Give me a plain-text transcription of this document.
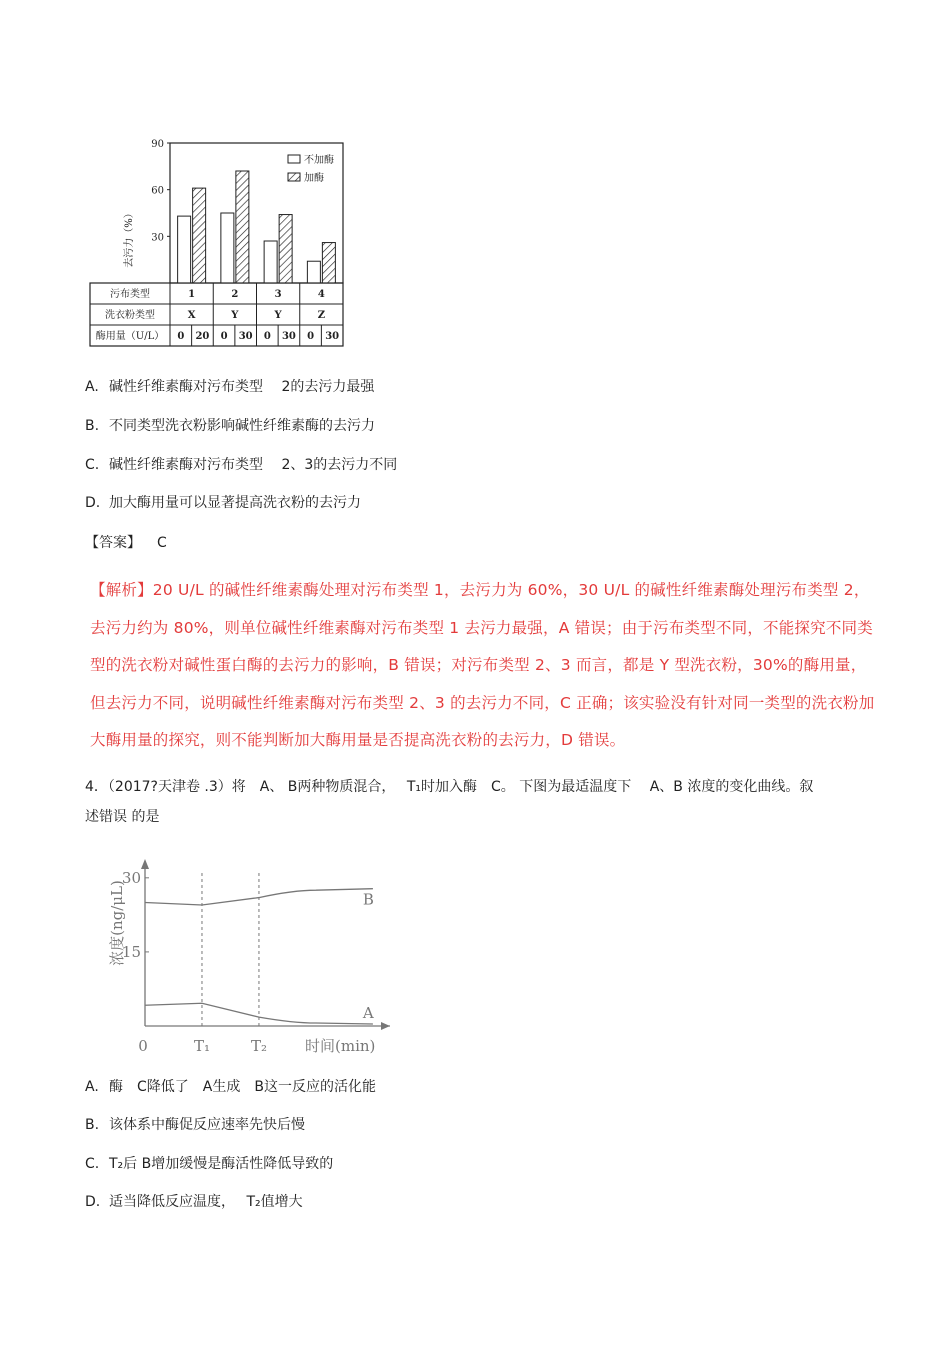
90
60
30
不加酶
加酶
去污力（%）
污布类型	1	2	3	4
洗衣粉类型	X	Y	Y	Z
酶用量（U/L） 0 20 0 30 0 30 0 30
A. 碱性纤维素酶对污布类型　 2的去污力最强
B. 不同类型洗衣粉影响碱性纤维素酶的去污力
C. 碱性纤维素酶对污布类型　 2、3的去污力不同
D. 加大酶用量可以显著提高洗衣粉的去污力
【答案】 C
【解析】20 U/L 的碱性纤维素酶处理对污布类型 1，去污力为 60%，30 U/L 的碱性纤维素酶处理污布类型 2，去污力约为 80%，则单位碱性纤维素酶对污布类型 1 去污力最强，A 错误；由于污布类型不同，不能探究不同类型的洗衣粉对碱性蛋白酶的去污力的影响，B 错误；对污布类型 2、3 而言，都是 Y 型洗衣粉，30%的酶用量，但去污力不同，说明碱性纤维素酶对污布类型 2、3 的去污力不同，C 正确；该实验没有针对同一类型的洗衣粉加大酶用量的探究，则不能判断加大酶用量是否提高洗衣粉的去污力，D 错误。
4．（2017?天津卷 .3）将　A、 B两种物质混合，　 T₁时加入酶　C。 下图为最适温度下　 A、B 浓度的变化曲线。叙
述错误 的是
30
15
0	T₁	T₂
A
B
浓度(ng/μL)
时间(min)
A. 酶　C降低了　A生成　B这一反应的活化能
B. 该体系中酶促反应速率先快后慢
C. T₂后 B增加缓慢是酶活性降低导致的
D. 适当降低反应温度，　 T₂值增大
